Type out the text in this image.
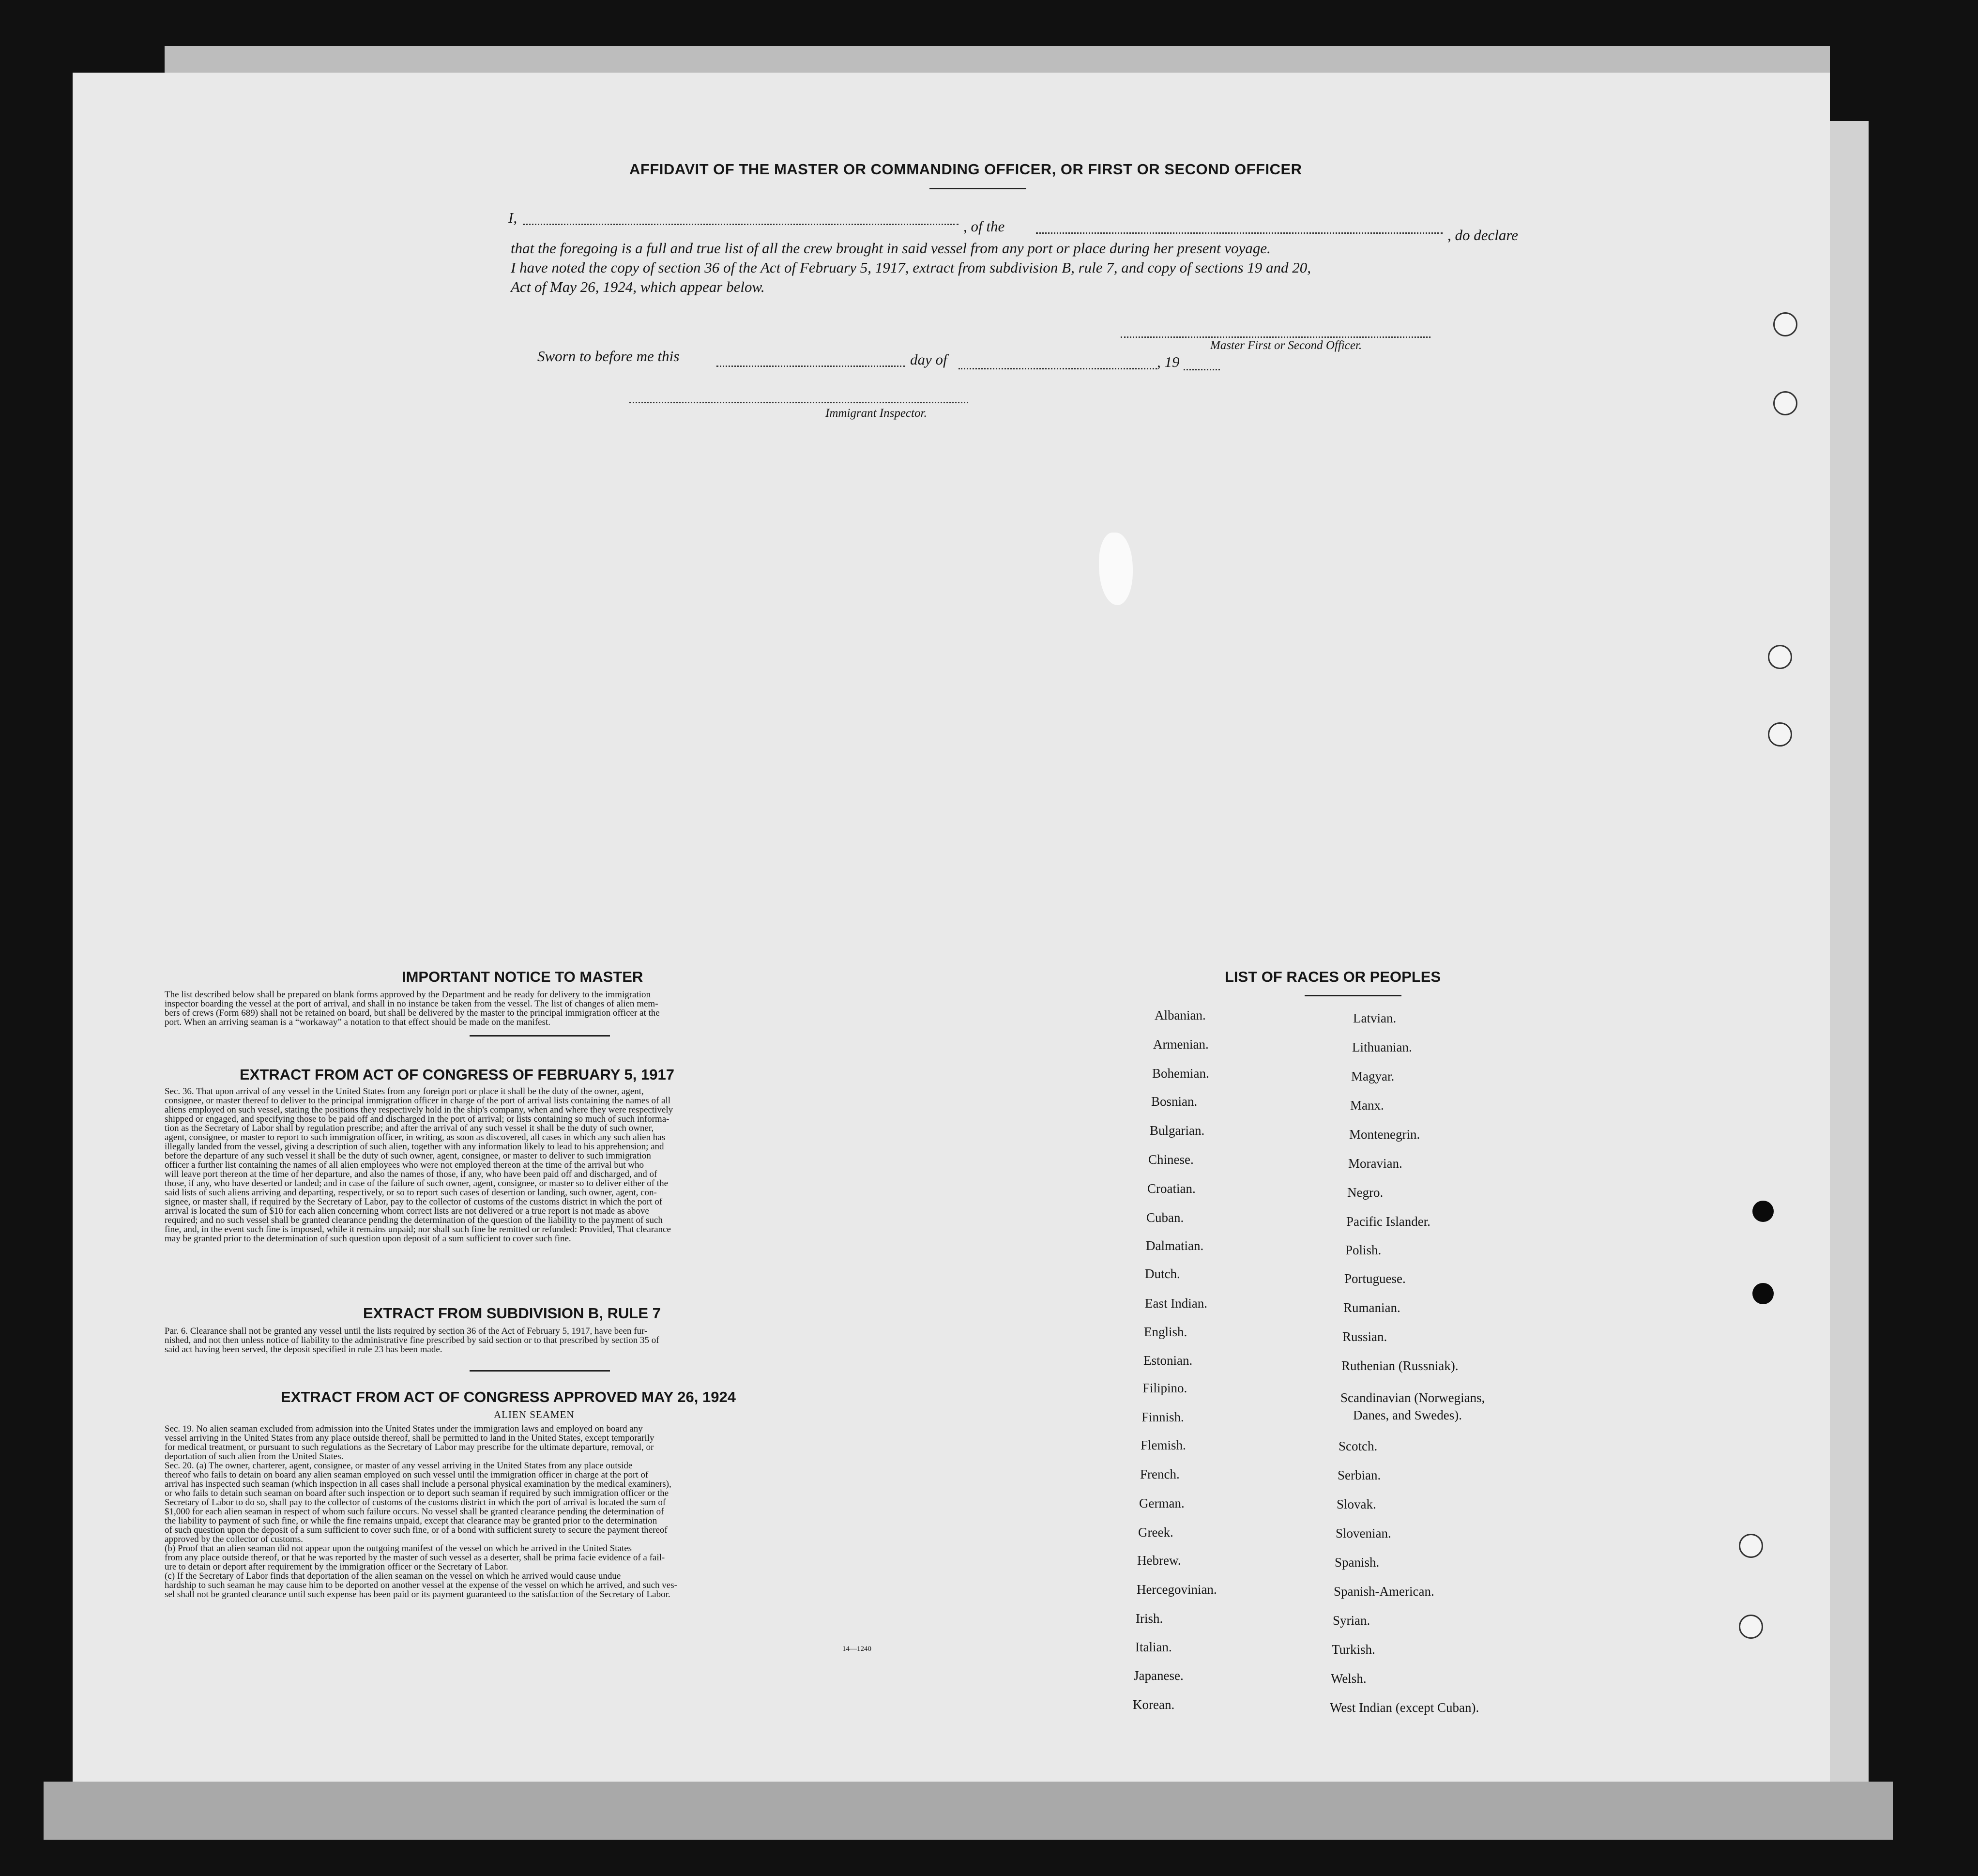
AFFIDAVIT OF THE MASTER OR COMMANDING OFFICER, OR FIRST OR SECOND OFFICER
I,
, of the
, do declare
that the foregoing is a full and true list of all the crew brought in said vessel from any port or place during her present voyage.
I have noted the copy of section 36 of the Act of February 5, 1917, extract from subdivision B, rule 7, and copy of sections 19 and 20,
Act of May 26, 1924, which appear below.
Master First or Second Officer.
Sworn to before me this	day of	, 19
Immigrant Inspector.
IMPORTANT NOTICE TO MASTER
The list described below shall be prepared on blank forms approved by the Department and be ready for delivery to the immigration
inspector boarding the vessel at the port of arrival, and shall in no instance be taken from the vessel. The list of changes of alien mem-
bers of crews (Form 689) shall not be retained on board, but shall be delivered by the master to the principal immigration officer at the
port. When an arriving seaman is a “workaway” a notation to that effect should be made on the manifest.
EXTRACT FROM ACT OF CONGRESS OF FEBRUARY 5, 1917
Sec. 36. That upon arrival of any vessel in the United States from any foreign port or place it shall be the duty of the owner, agent,
consignee, or master thereof to deliver to the principal immigration officer in charge of the port of arrival lists containing the names of all
aliens employed on such vessel, stating the positions they respectively hold in the ship's company, when and where they were respectively
shipped or engaged, and specifying those to be paid off and discharged in the port of arrival; or lists containing so much of such informa-
tion as the Secretary of Labor shall by regulation prescribe; and after the arrival of any such vessel it shall be the duty of such owner,
agent, consignee, or master to report to such immigration officer, in writing, as soon as discovered, all cases in which any such alien has
illegally landed from the vessel, giving a description of such alien, together with any information likely to lead to his apprehension; and
before the departure of any such vessel it shall be the duty of such owner, agent, consignee, or master to deliver to such immigration
officer a further list containing the names of all alien employees who were not employed thereon at the time of the arrival but who
will leave port thereon at the time of her departure, and also the names of those, if any, who have been paid off and discharged, and of
those, if any, who have deserted or landed; and in case of the failure of such owner, agent, consignee, or master so to deliver either of the
said lists of such aliens arriving and departing, respectively, or so to report such cases of desertion or landing, such owner, agent, con-
signee, or master shall, if required by the Secretary of Labor, pay to the collector of customs of the customs district in which the port of
arrival is located the sum of $10 for each alien concerning whom correct lists are not delivered or a true report is not made as above
required; and no such vessel shall be granted clearance pending the determination of the question of the liability to the payment of such
fine, and, in the event such fine is imposed, while it remains unpaid; nor shall such fine be remitted or refunded: Provided, That clearance
may be granted prior to the determination of such question upon deposit of a sum sufficient to cover such fine.
EXTRACT FROM SUBDIVISION B, RULE 7
Par. 6. Clearance shall not be granted any vessel until the lists required by section 36 of the Act of February 5, 1917, have been fur-
nished, and not then unless notice of liability to the administrative fine prescribed by said section or to that prescribed by section 35 of
said act having been served, the deposit specified in rule 23 has been made.
EXTRACT FROM ACT OF CONGRESS APPROVED MAY 26, 1924
ALIEN SEAMEN
Sec. 19. No alien seaman excluded from admission into the United States under the immigration laws and employed on board any
vessel arriving in the United States from any place outside thereof, shall be permitted to land in the United States, except temporarily
for medical treatment, or pursuant to such regulations as the Secretary of Labor may prescribe for the ultimate departure, removal, or
deportation of such alien from the United States.
Sec. 20. (a) The owner, charterer, agent, consignee, or master of any vessel arriving in the United States from any place outside
thereof who fails to detain on board any alien seaman employed on such vessel until the immigration officer in charge at the port of
arrival has inspected such seaman (which inspection in all cases shall include a personal physical examination by the medical examiners),
or who fails to detain such seaman on board after such inspection or to deport such seaman if required by such immigration officer or the
Secretary of Labor to do so, shall pay to the collector of customs of the customs district in which the port of arrival is located the sum of
$1,000 for each alien seaman in respect of whom such failure occurs. No vessel shall be granted clearance pending the determination of
the liability to payment of such fine, or while the fine remains unpaid, except that clearance may be granted prior to the determination
of such question upon the deposit of a sum sufficient to cover such fine, or of a bond with sufficient surety to secure the payment thereof
approved by the collector of customs.
(b) Proof that an alien seaman did not appear upon the outgoing manifest of the vessel on which he arrived in the United States
from any place outside thereof, or that he was reported by the master of such vessel as a deserter, shall be prima facie evidence of a fail-
ure to detain or deport after requirement by the immigration officer or the Secretary of Labor.
(c) If the Secretary of Labor finds that deportation of the alien seaman on the vessel on which he arrived would cause undue
hardship to such seaman he may cause him to be deported on another vessel at the expense of the vessel on which he arrived, and such ves-
sel shall not be granted clearance until such expense has been paid or its payment guaranteed to the satisfaction of the Secretary of Labor.
14—1240
LIST OF RACES OR PEOPLES
Albanian.
Armenian.
Bohemian.
Bosnian.
Bulgarian.
Chinese.
Croatian.
Cuban.
Dalmatian.
Dutch.
East Indian.
English.
Estonian.
Filipino.
Finnish.
Flemish.
French.
German.
Greek.
Hebrew.
Hercegovinian.
Irish.
Italian.
Japanese.
Korean.
Latvian.
Lithuanian.
Magyar.
Manx.
Montenegrin.
Moravian.
Negro.
Pacific Islander.
Polish.
Portuguese.
Rumanian.
Russian.
Ruthenian (Russniak).
Scandinavian (Norwegians,
Danes, and Swedes).
Scotch.
Serbian.
Slovak.
Slovenian.
Spanish.
Spanish-American.
Syrian.
Turkish.
Welsh.
West Indian (except Cuban).
